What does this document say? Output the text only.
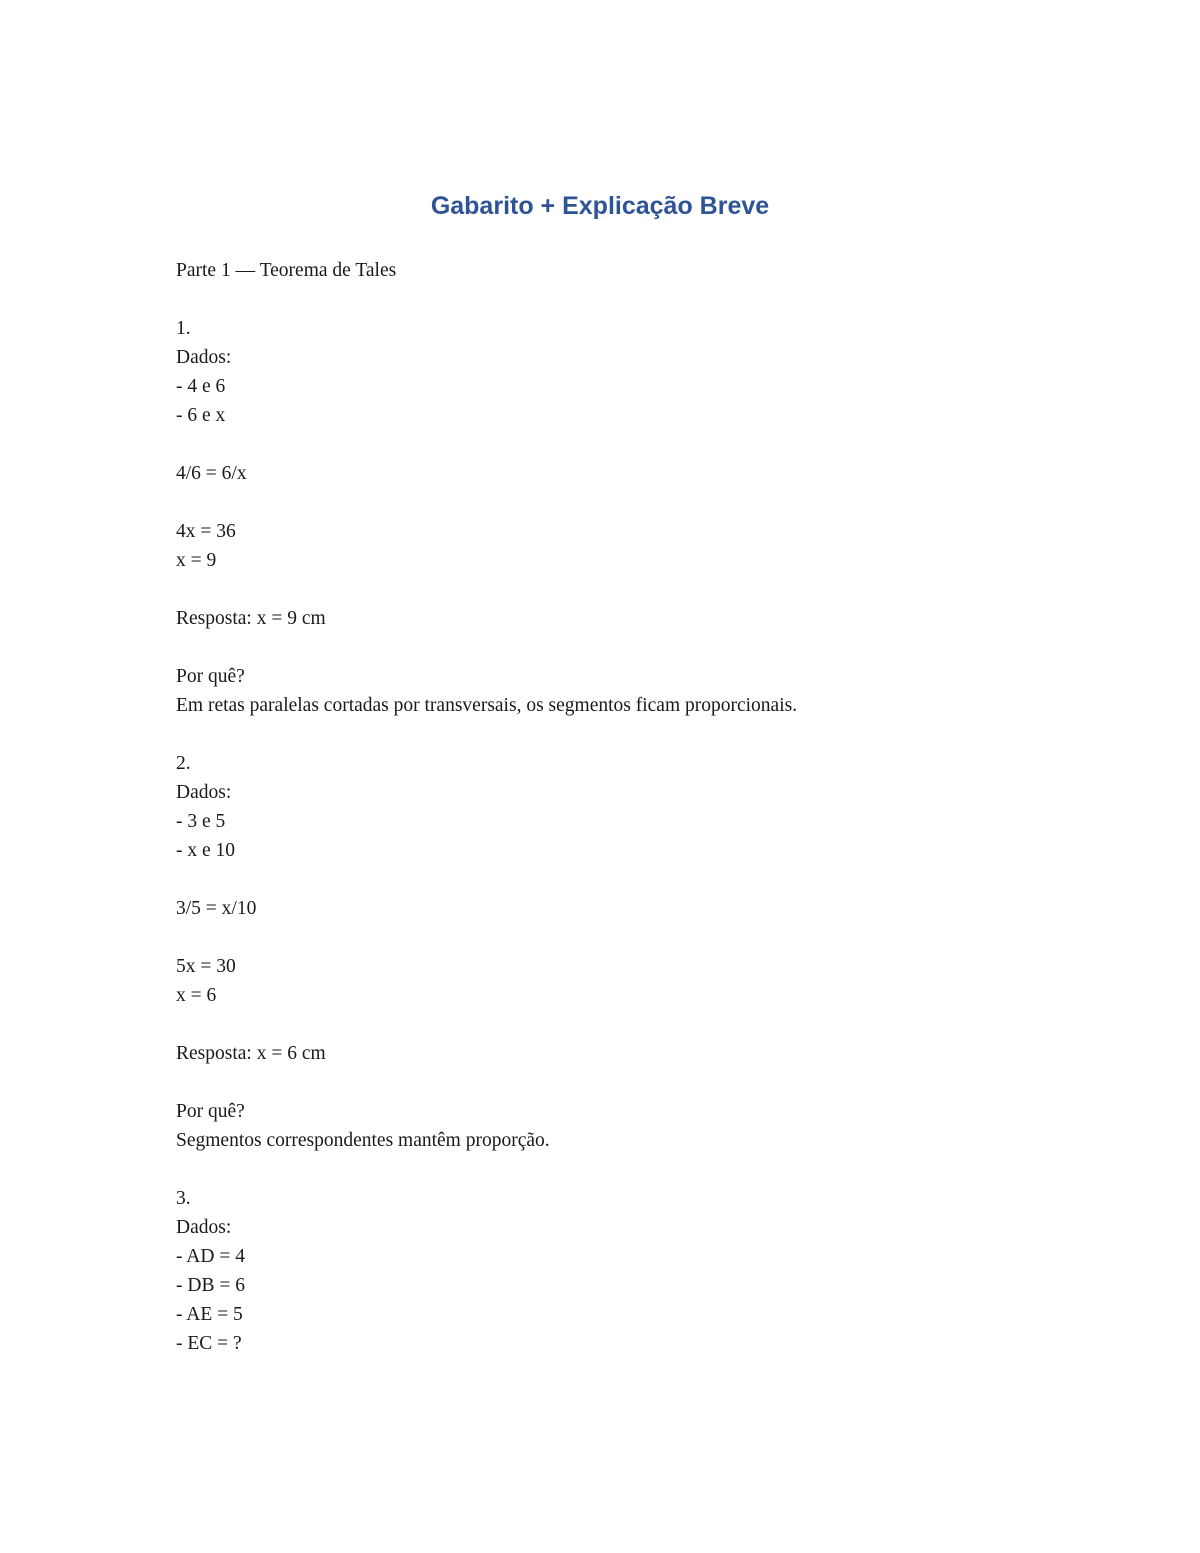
Gabarito + Explicação Breve
Parte 1 — Teorema de Tales
1.
Dados:
- 4 e 6
- 6 e x
4/6 = 6/x
4x = 36
x = 9
Resposta: x = 9 cm
Por quê?
Em retas paralelas cortadas por transversais, os segmentos ficam proporcionais.
2.
Dados:
- 3 e 5
- x e 10
3/5 = x/10
5x = 30
x = 6
Resposta: x = 6 cm
Por quê?
Segmentos correspondentes mantêm proporção.
3.
Dados:
- AD = 4
- DB = 6
- AE = 5
- EC = ?
